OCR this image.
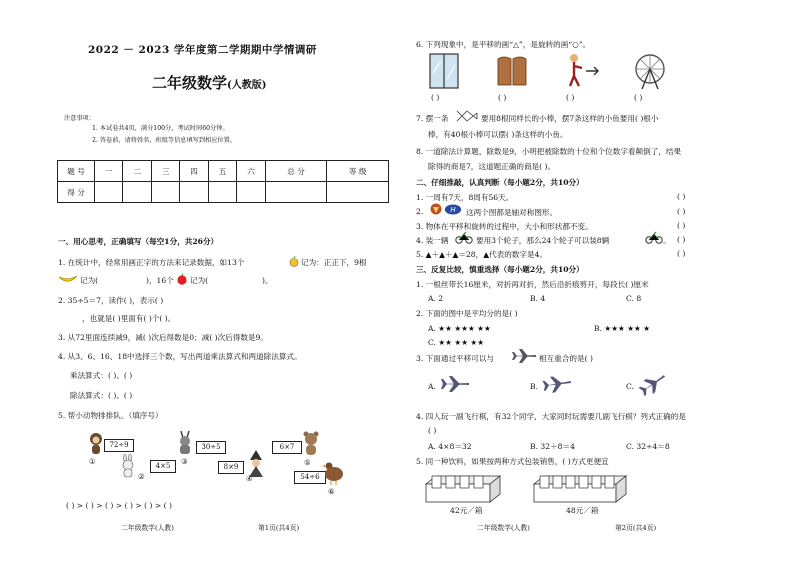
2022 － 2023 学年度第二学期期中学情调研
二年级数学(人教版)
注意事项：
1. 本试卷共4页，满分100分，考试时间60分钟。
2. 答卷前，请将姓名、班级等信息填写到相应位置。
题 号	一	二	三	四	五	六	总 分	等 级
得 分								
一、用心思考，正确填写（每空1分，共26分）
1. 在统计中，经常用画正字的方法来记录数据，如13个	记为：正正下，9根
记为(	)，16个 记为(	)。
2. 35÷5＝7，读作( )，表示( )
，也就是( )里面有( )个( )。
3. 从72里面连续减9，减( )次后得数是0；减( )次后得数是9。
4. 从3、6、16、18中选择三个数，写出两道乘法算式和两道除法算式。
乘法算式：( )、( )
除法算式：( )、( )
5. 帮小动物排排队。（填序号）
72÷9
①	4×5
②
30÷5
③
8×9
④
6×7
⑤
54÷6
⑥
( ) > ( ) > ( ) > ( ) > ( ) > ( )
二年级数学(人教)	第1页(共4页)
6. 下列现象中，是平移的画“△”，是旋转的画“○”。
( )	( )	( )	( )
7. 摆一条	要用8根同样长的小棒，摆7条这样的小鱼要用( )根小
棒，有40根小棒可以摆( )条这样的小鱼。
8. 一道除法计算题，除数是9，小明把被除数的十位和个位数字看颠倒了，结果
除得的商是7，这道题正确的商是( )。
二、仔细推敲，认真判断（每小题2分，共10分）
1. 一周有7天，8周有56天。	( )
2.	H 这两个图都是轴对称图形。	( )
3. 物体在平移和旋转的过程中，大小和形状都不变。	( )
4. 装一辆	要用3个轮子，那么24个轮子可以装8辆	。 ( )
5. ▲＋▲＋▲＝28，▲代表的数字是4。	( )
三、反复比较，慎重选择（每小题2分，共10分）
1. 一根丝带长16厘米，对折再对折，然后沿折痕剪开，每段长( )厘米
A. 2	B. 4	C. 8
2. 下面的图中是平均分的是( )
A. ★★ ★★★ ★★	B. ★★★ ★★ ★
C. ★★ ★★ ★★
3. 下面通过平移可以与	相互重合的是( )
A.	B.	C.
4. 四人玩一副飞行棋，有32个同学，大家同时玩需要几副飞行棋？列式正确的是
( )
A. 4×8＝32	B. 32＋8＝4	C. 32÷4＝8
5. 同一种饮料，如果按两种方式包装销售，( )方式更便宜
42元／箱	48元／箱
二年级数学(人教)	第2页(共4页)
